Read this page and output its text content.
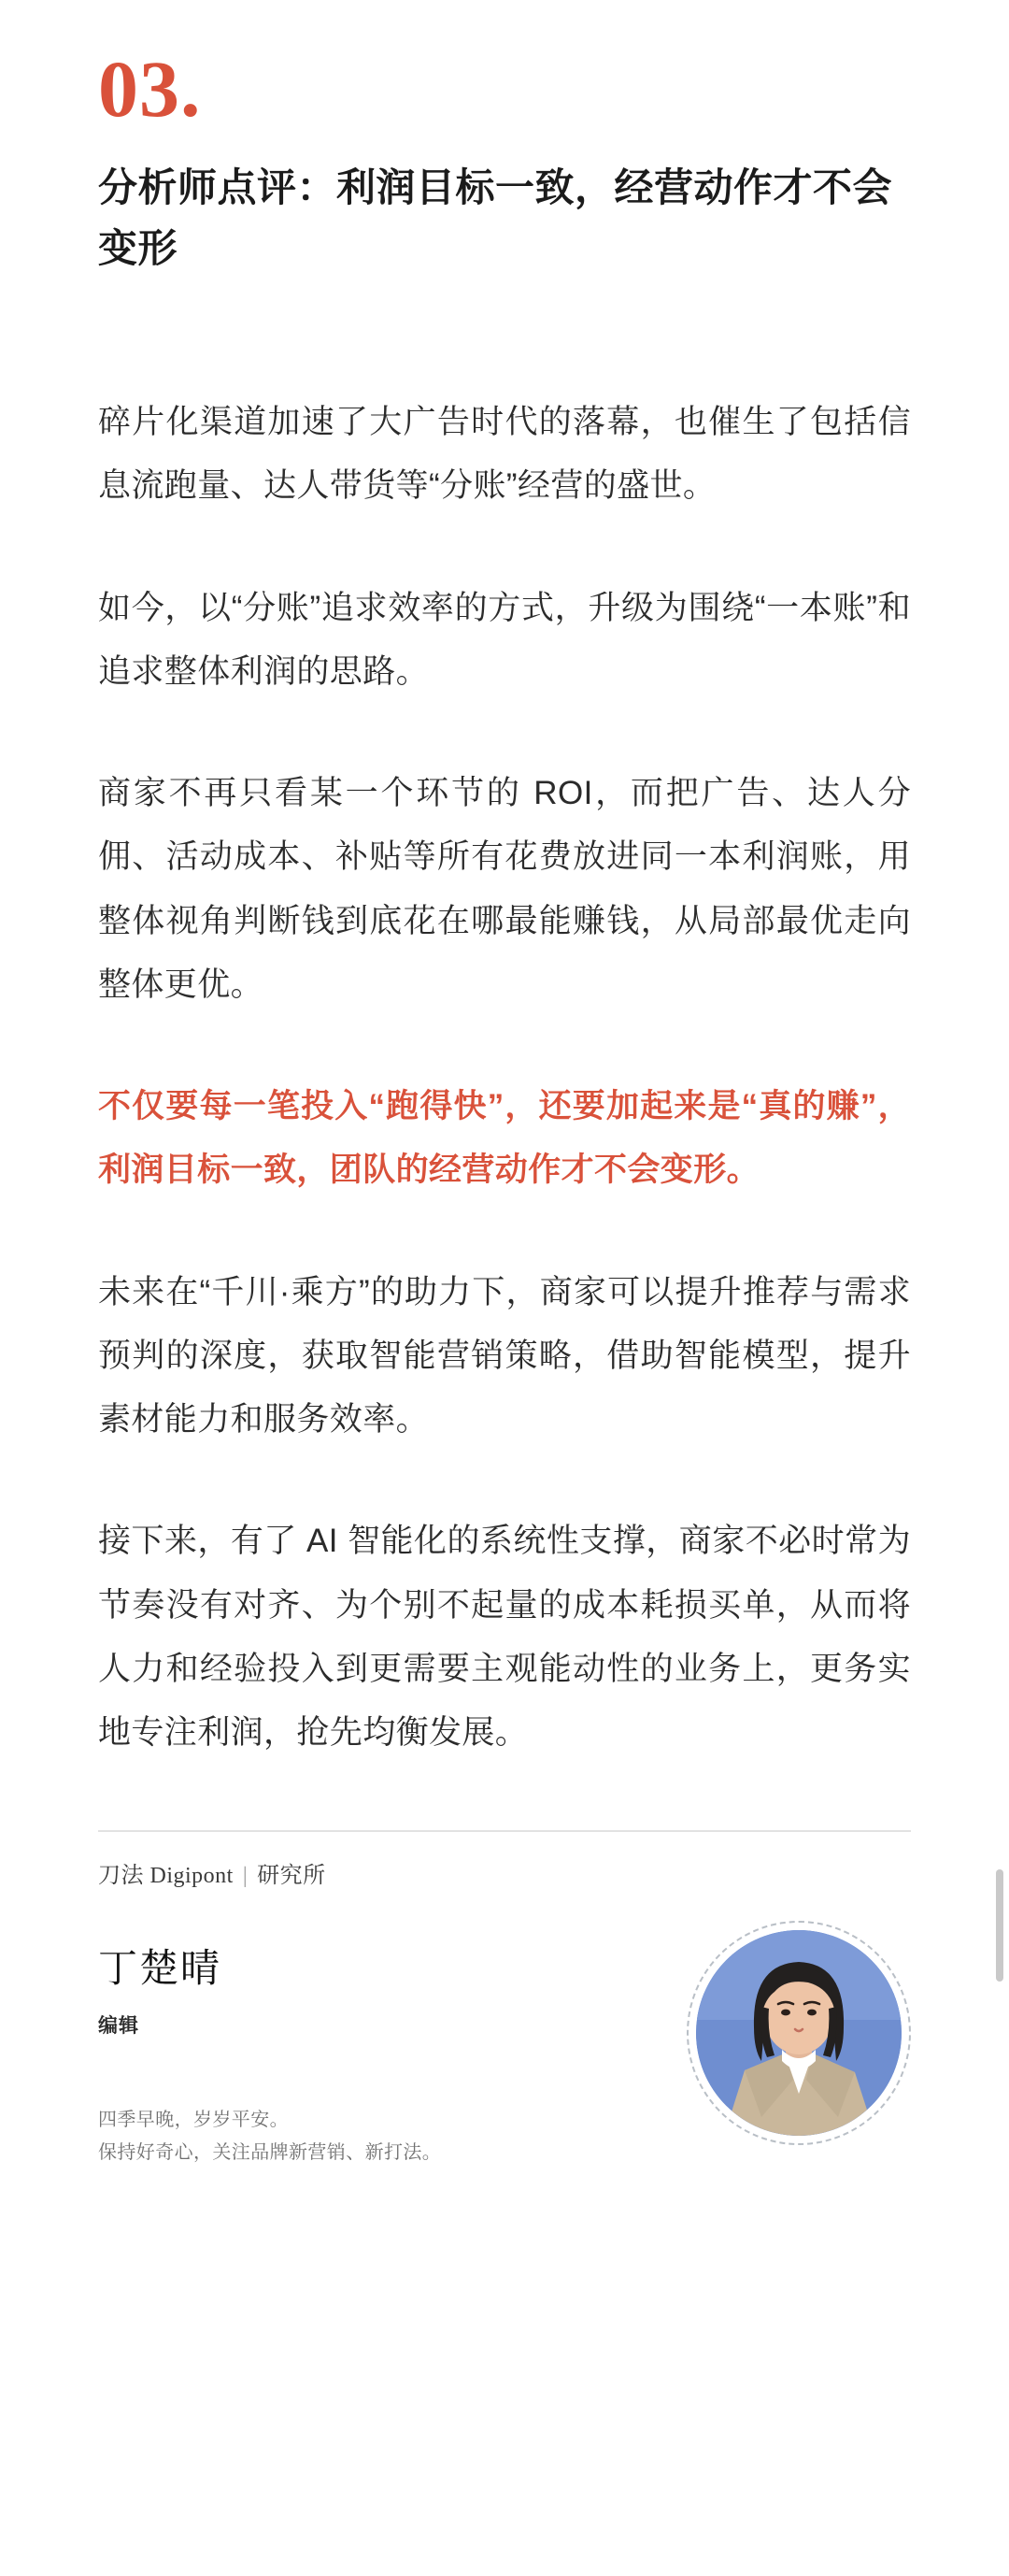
03.
分析师点评：利润目标一致，经营动作才不会变形

碎片化渠道加速了大广告时代的落幕，也催生了包括信息流跑量、达人带货等“分账”经营的盛世。

如今，以“分账”追求效率的方式，升级为围绕“一本账”和追求整体利润的思路。

商家不再只看某一个环节的 ROI，而把广告、达人分佣、活动成本、补贴等所有花费放进同一本利润账，用整体视角判断钱到底花在哪最能赚钱，从局部最优走向整体更优。

不仅要每一笔投入“跑得快”，还要加起来是“真的赚”，利润目标一致，团队的经营动作才不会变形。

未来在“千川·乘方”的助力下，商家可以提升推荐与需求预判的深度，获取智能营销策略，借助智能模型，提升素材能力和服务效率。

接下来，有了 AI 智能化的系统性支撑，商家不必时常为节奏没有对齐、为个别不起量的成本耗损买单，从而将人力和经验投入到更需要主观能动性的业务上，更务实地专注利润，抢先均衡发展。

刀法 Digipont | 研究所
丁楚晴
编辑
四季早晚，岁岁平安。
保持好奇心，关注品牌新营销、新打法。
